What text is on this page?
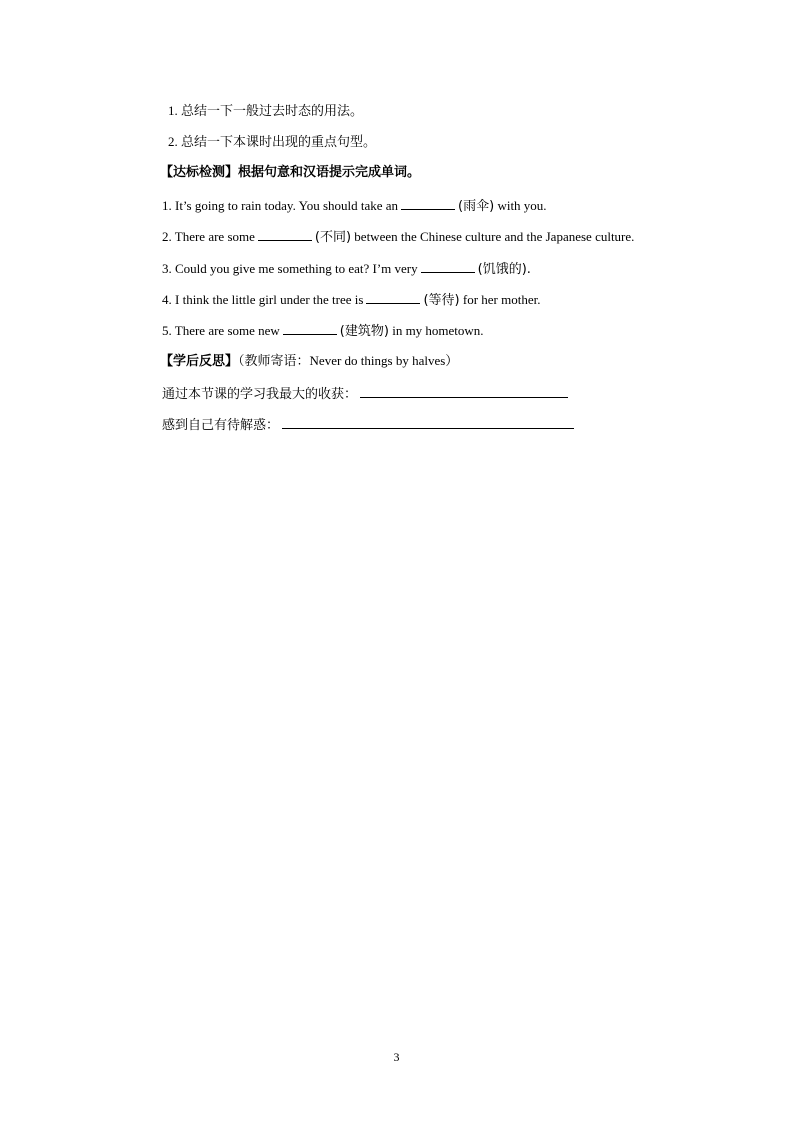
1. 总结一下一般过去时态的用法。
2. 总结一下本课时出现的重点句型。
【达标检测】根据句意和汉语提示完成单词。
1. It’s going to rain today. You should take an	(雨伞) with you.
2. There are some	(不同) between the Chinese culture and the Japanese culture.
3. Could you give me something to eat? I’m very	(饥饿的).
4. I think the little girl under the tree is	(等待) for her mother.
5. There are some new	(建筑物) in my hometown.
【学后反思】（教师寄语：Never do things by halves）
通过本节课的学习我最大的收获：
感到自己有待解惑：
3
